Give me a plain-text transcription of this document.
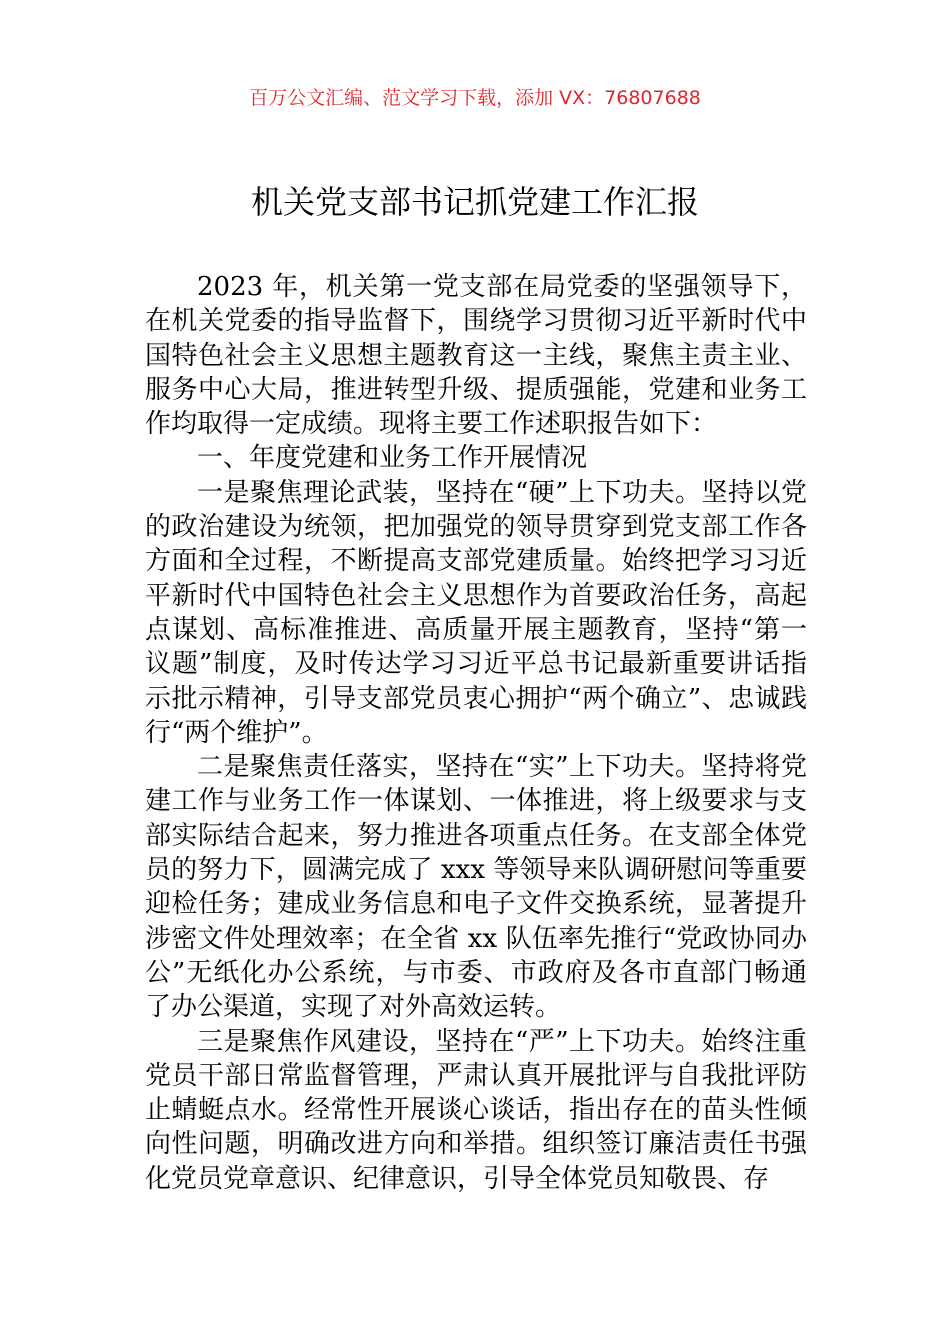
百万公文汇编、范文学习下载，添加 VX：76807688
机关党支部书记抓党建工作汇报

2023 年，机关第一党支部在局党委的坚强领导下，在机关党委的指导监督下，围绕学习贯彻习近平新时代中国特色社会主义思想主题教育这一主线，聚焦主责主业、服务中心大局，推进转型升级、提质强能，党建和业务工作均取得一定成绩。现将主要工作述职报告如下：

一、年度党建和业务工作开展情况

一是聚焦理论武装，坚持在“硬”上下功夫。坚持以党的政治建设为统领，把加强党的领导贯穿到党支部工作各方面和全过程，不断提高支部党建质量。始终把学习习近平新时代中国特色社会主义思想作为首要政治任务，高起点谋划、高标准推进、高质量开展主题教育，坚持“第一议题”制度，及时传达学习习近平总书记最新重要讲话指示批示精神，引导支部党员衷心拥护“两个确立”、忠诚践行“两个维护”。

二是聚焦责任落实，坚持在“实”上下功夫。坚持将党建工作与业务工作一体谋划、一体推进，将上级要求与支部实际结合起来，努力推进各项重点任务。在支部全体党员的努力下，圆满完成了 xxx 等领导来队调研慰问等重要迎检任务；建成业务信息和电子文件交换系统，显著提升涉密文件处理效率；在全省 xx 队伍率先推行“党政协同办公”无纸化办公系统，与市委、市政府及各市直部门畅通了办公渠道，实现了对外高效运转。

三是聚焦作风建设，坚持在“严”上下功夫。始终注重党员干部日常监督管理，严肃认真开展批评与自我批评防止蜻蜓点水。经常性开展谈心谈话，指出存在的苗头性倾向性问题，明确改进方向和举措。组织签订廉洁责任书强化党员党章意识、纪律意识，引导全体党员知敬畏、存
